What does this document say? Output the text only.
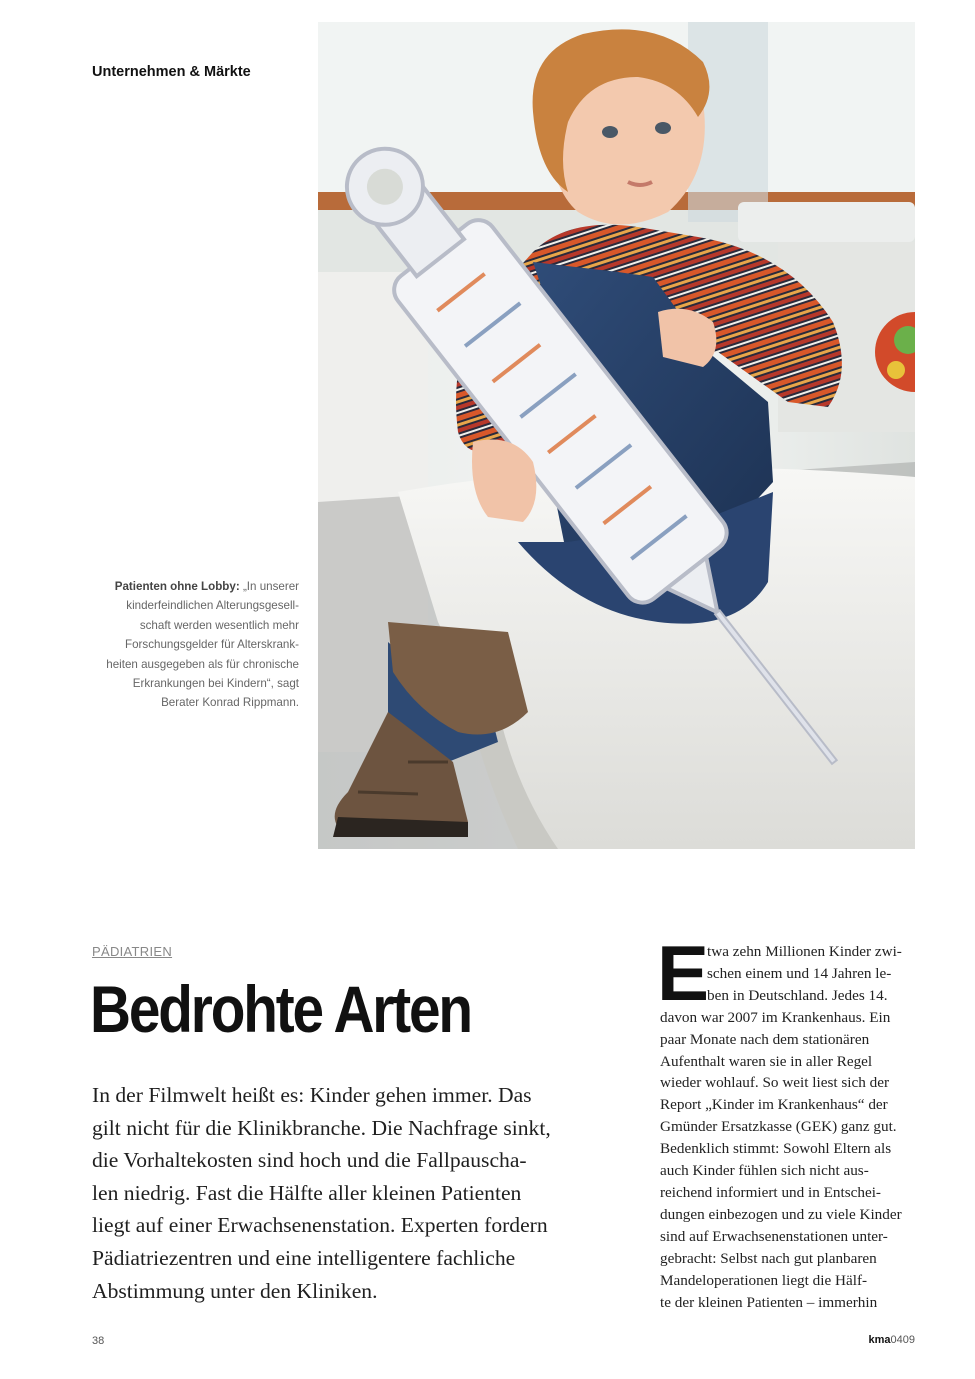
Unternehmen & Märkte
Patienten ohne Lobby: „In unserer
kinderfeindlichen Alterungsgesell-
schaft werden wesentlich mehr
Forschungsgelder für Alterskrank-
heiten ausgegeben als für chronische
Erkrankungen bei Kindern“, sagt
Berater Konrad Rippmann.
PÄDIATRIEN
Bedrohte Arten
In der Filmwelt heißt es: Kinder gehen immer. Das
gilt nicht für die Klinikbranche. Die Nachfrage sinkt,
die Vorhaltekosten sind hoch und die Fallpauscha-
len niedrig. Fast die Hälfte aller kleinen Patienten
liegt auf einer Erwachsenenstation. Experten fordern
Pädiatriezentren und eine intelligentere fachliche
Abstimmung unter den Kliniken.
E
twa zehn Millionen Kinder zwi-
schen einem und 14 Jahren le-
ben in Deutschland. Jedes 14.
davon war 2007 im Krankenhaus. Ein
paar Monate nach dem stationären
Aufenthalt waren sie in aller Regel
wieder wohlauf. So weit liest sich der
Report „Kinder im Krankenhaus“ der
Gmünder Ersatzkasse (GEK) ganz gut.
Bedenklich stimmt: Sowohl Eltern als
auch Kinder fühlen sich nicht aus-
reichend informiert und in Entschei-
dungen einbezogen und zu viele Kinder
sind auf Erwachsenenstationen unter-
gebracht: Selbst nach gut planbaren
Mandeloperationen liegt die Hälf-
te der kleinen Patienten – immerhin
38	kma0409
